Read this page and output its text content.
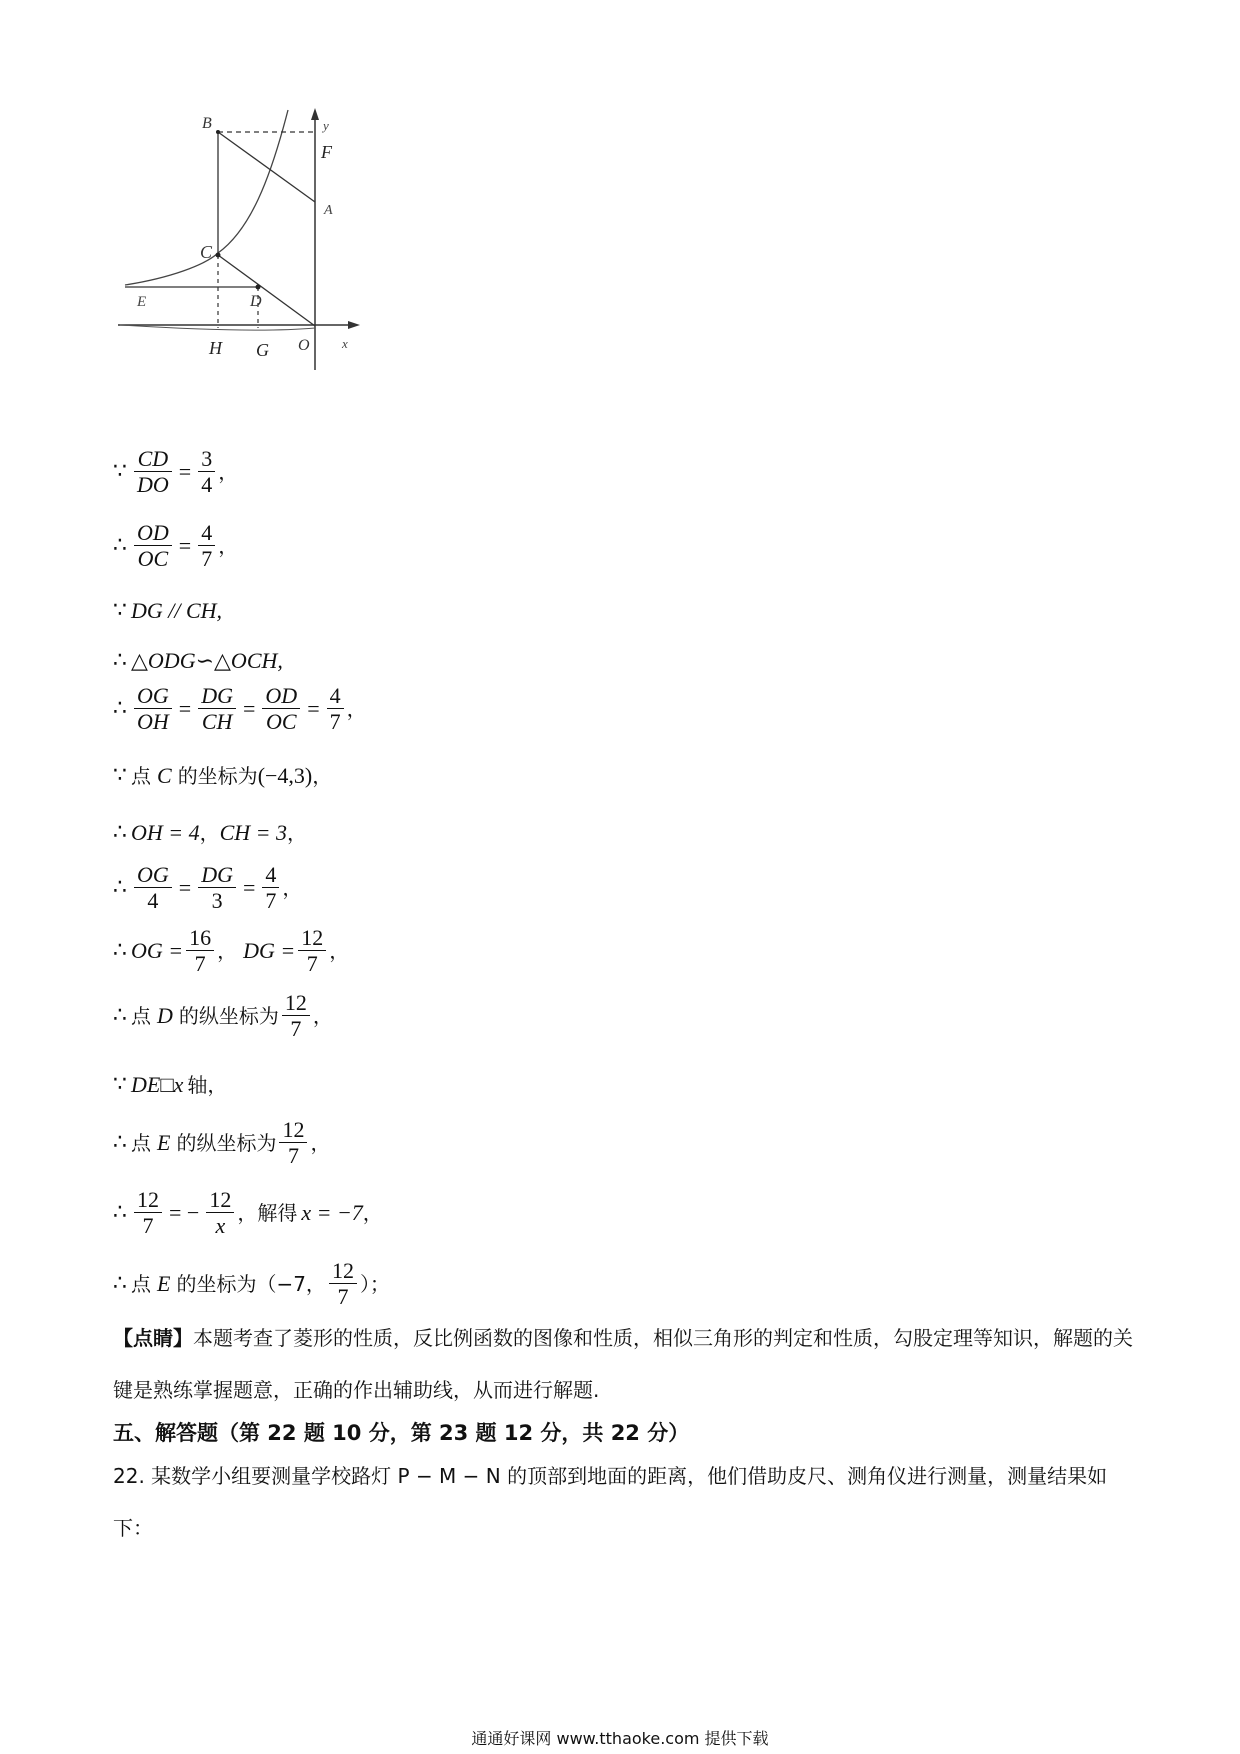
B	y
F
A
C
E	D
H G O x
∵ $\frac{CD}{DO} = \frac{3}{4}$ ，
∴ $\frac{OD}{OC} = \frac{4}{7}$ ，
∵ DG // CH,
∴ △ODG∽△OCH,
∴ $\frac{OG}{OH} = \frac{DG}{CH} = \frac{OD}{OC} = \frac{4}{7}$ ，
∵ 点 C 的坐标为 (−4,3) ，
∴ OH = 4 ， CH = 3 ，
∴ $\frac{OG}{4} = \frac{DG}{3} = \frac{4}{7}$ ，
∴ OG = $\frac{16}{7}$ ， DG = $\frac{12}{7}$ ，
∴ 点 D 的纵坐标为 $\frac{12}{7}$ ，
∵ DE□x 轴，
∴ 点 E 的纵坐标为 $\frac{12}{7}$ ，
∴ $\frac{12}{7}$ = − $\frac{12}{x}$ ，解得 x = −7 ，
∴ 点 E 的坐标为（−7， $\frac{12}{7}$ ）；
【点睛】本题考查了菱形的性质，反比例函数的图像和性质，相似三角形的判定和性质，勾股定理等知识，解题的关键是熟练掌握题意，正确的作出辅助线，从而进行解题.
五、解答题（第 22 题 10 分，第 23 题 12 分，共 22 分）
22. 某数学小组要测量学校路灯 P − M − N 的顶部到地面的距离，他们借助皮尺、测角仪进行测量，测量结果如下：
通通好课网 www.tthaoke.com 提供下载
